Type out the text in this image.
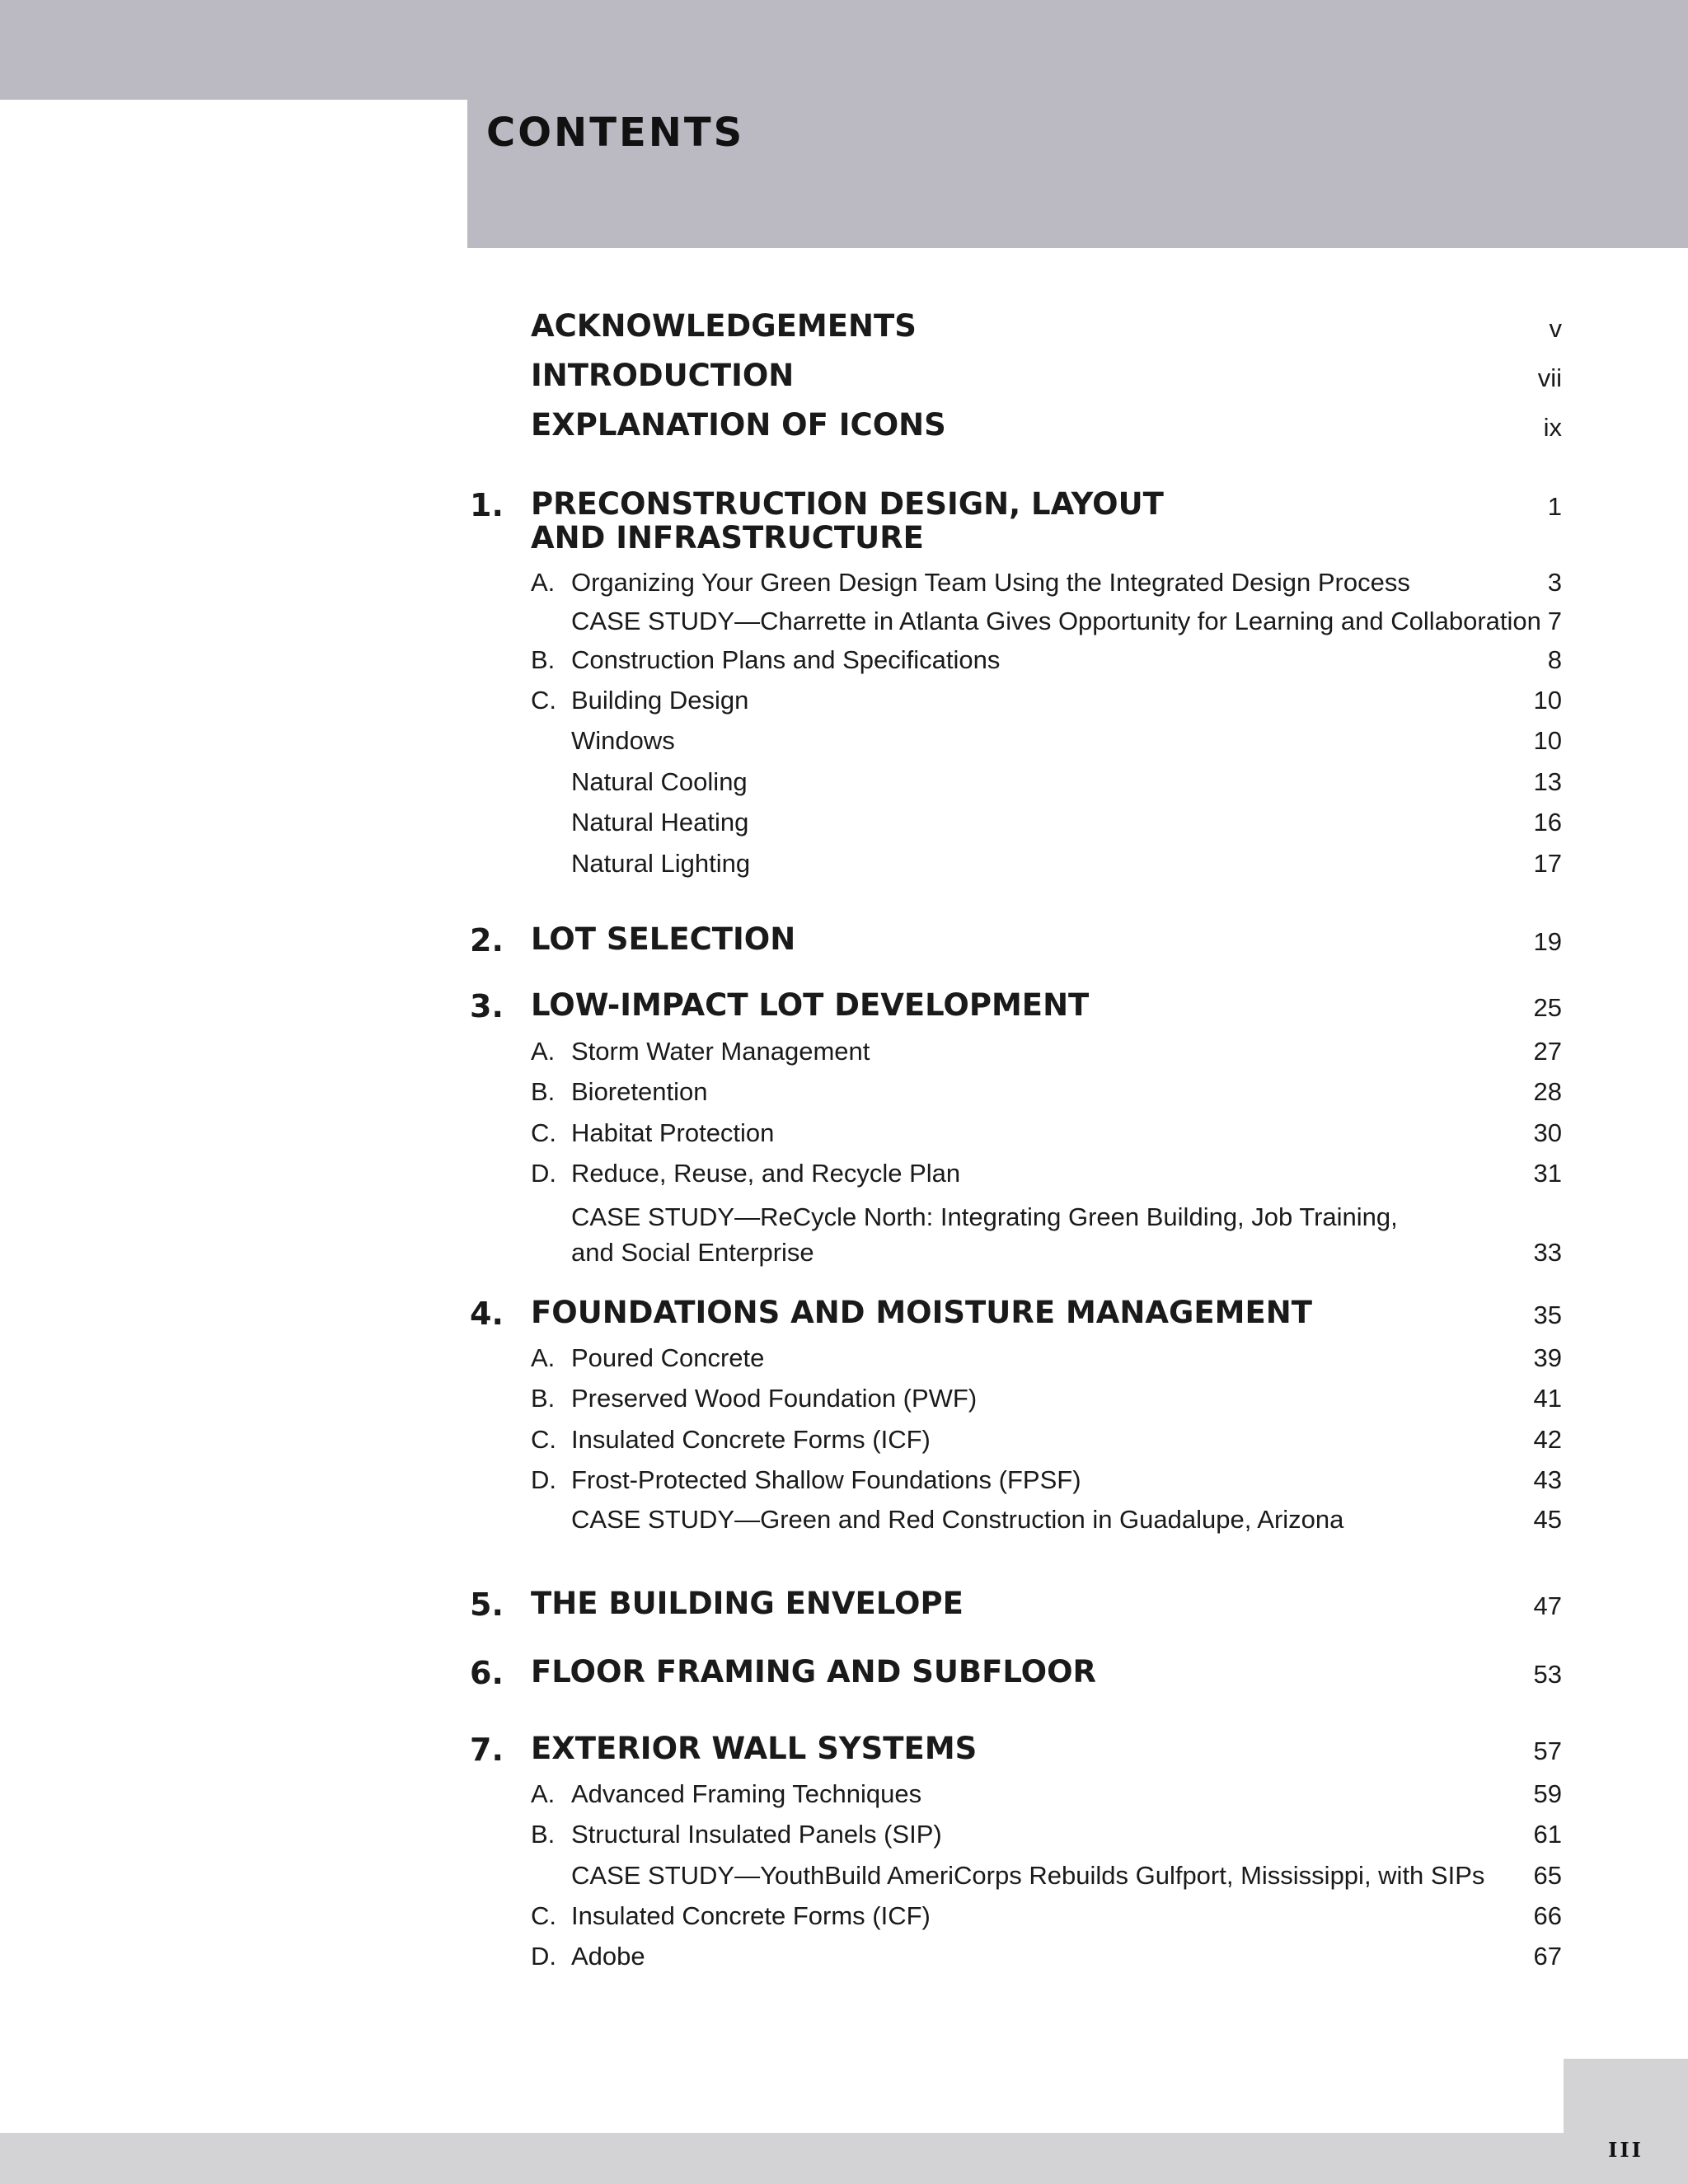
CONTENTS
ACKNOWLEDGEMENTS	v
INTRODUCTION	vii
EXPLANATION OF ICONS	ix
1. PRECONSTRUCTION DESIGN, LAYOUT	1
AND INFRASTRUCTURE
A. Organizing Your Green Design Team Using the Integrated Design Process	3
CASE STUDY—Charrette in Atlanta Gives Opportunity for Learning and Collaboration 7
B. Construction Plans and Specifications	8
C. Building Design	10
Windows	10
Natural Cooling	13
Natural Heating	16
Natural Lighting	17
2. LOT SELECTION	19
3. LOW-IMPACT LOT DEVELOPMENT	25
A. Storm Water Management	27
B. Bioretention	28
C. Habitat Protection	30
D. Reduce, Reuse, and Recycle Plan	31
CASE STUDY—ReCycle North: Integrating Green Building, Job Training,
and Social Enterprise	33
4. FOUNDATIONS AND MOISTURE MANAGEMENT	35
A. Poured Concrete	39
B. Preserved Wood Foundation (PWF)	41
C. Insulated Concrete Forms (ICF)	42
D. Frost-Protected Shallow Foundations (FPSF)	43
CASE STUDY—Green and Red Construction in Guadalupe, Arizona	45
5. THE BUILDING ENVELOPE	47
6. FLOOR FRAMING AND SUBFLOOR	53
7. EXTERIOR WALL SYSTEMS	57
A. Advanced Framing Techniques	59
B. Structural Insulated Panels (SIP)	61
CASE STUDY—YouthBuild AmeriCorps Rebuilds Gulfport, Mississippi, with SIPs 65
C. Insulated Concrete Forms (ICF)	66
D. Adobe	67
III
